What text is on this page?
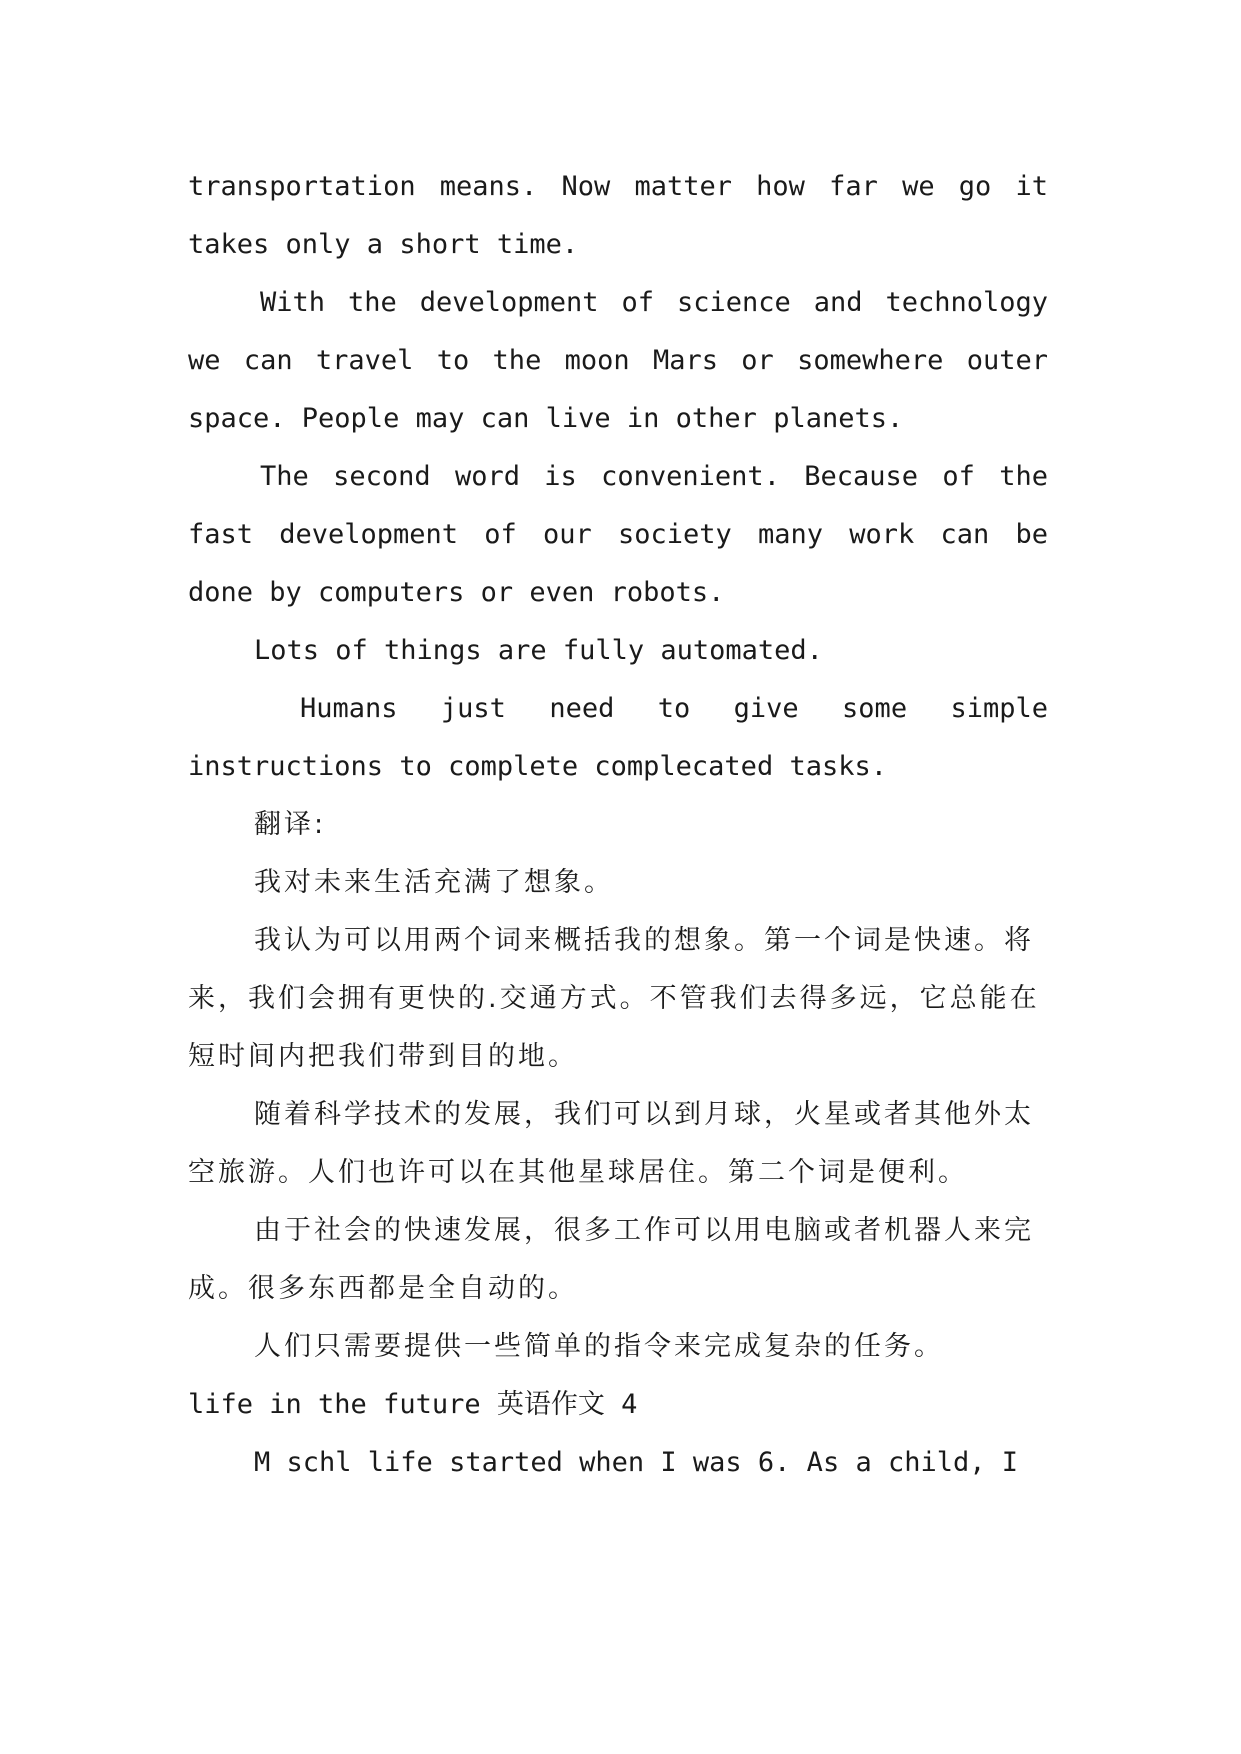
transportation means. Now matter how far we go it takes only a short time.

With the development of science and technology we can travel to the moon Mars or somewhere outer space. People may can live in other planets.

The second word is convenient. Because of the fast development of our society many work can be done by computers or even robots.

Lots of things are fully automated.

Humans just need to give some simple instructions to complete complecated tasks.

翻译:

我对未来生活充满了想象。

我认为可以用两个词来概括我的想象。第一个词是快速。将来，我们会拥有更快的.交通方式。不管我们去得多远，它总能在短时间内把我们带到目的地。

随着科学技术的发展，我们可以到月球，火星或者其他外太空旅游。人们也许可以在其他星球居住。第二个词是便利。

由于社会的快速发展，很多工作可以用电脑或者机器人来完成。很多东西都是全自动的。

人们只需要提供一些简单的指令来完成复杂的任务。

life in the future 英语作文 4

M schl life started when I was 6. As a child, I
